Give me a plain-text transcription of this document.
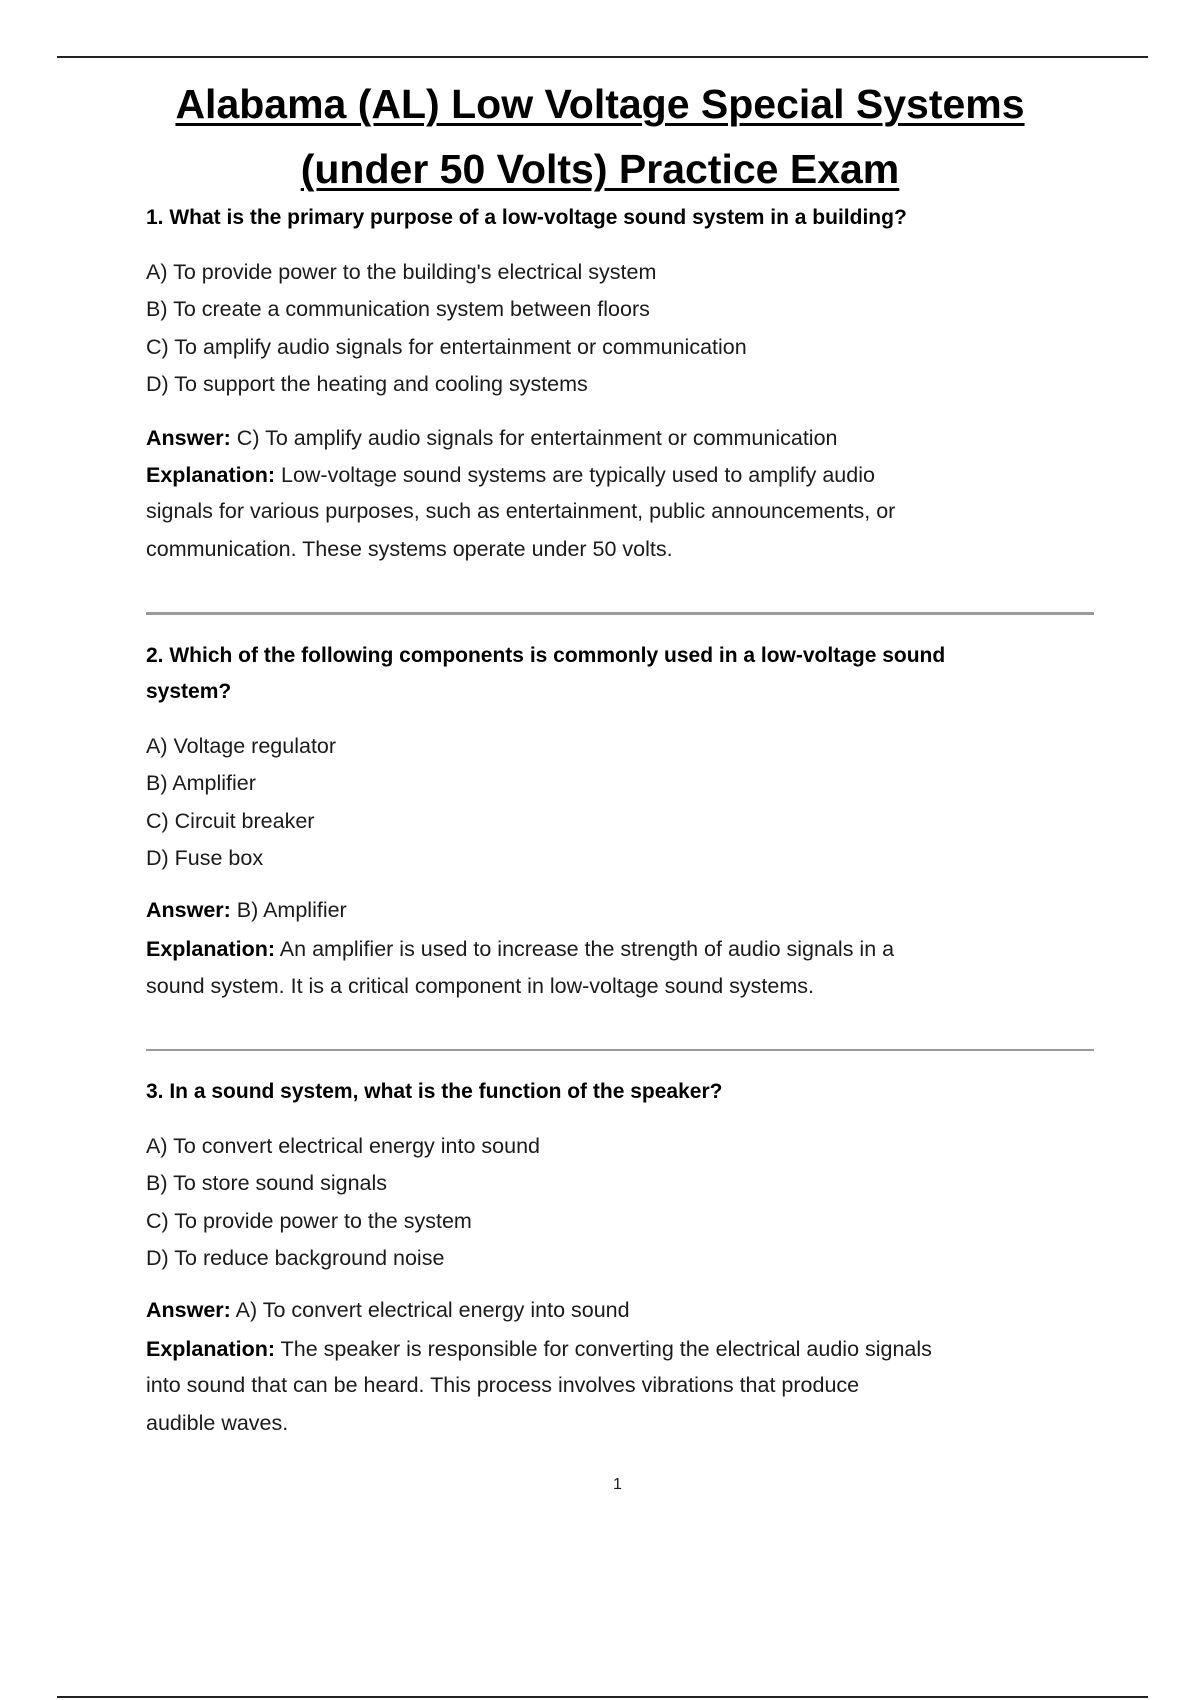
Alabama (AL) Low Voltage Special Systems
(under 50 Volts) Practice Exam
1. What is the primary purpose of a low-voltage sound system in a building?
A) To provide power to the building's electrical system
B) To create a communication system between floors
C) To amplify audio signals for entertainment or communication
D) To support the heating and cooling systems
Answer: C) To amplify audio signals for entertainment or communication
Explanation: Low-voltage sound systems are typically used to amplify audio
signals for various purposes, such as entertainment, public announcements, or
communication. These systems operate under 50 volts.
2. Which of the following components is commonly used in a low-voltage sound
system?
A) Voltage regulator
B) Amplifier
C) Circuit breaker
D) Fuse box
Answer: B) Amplifier
Explanation: An amplifier is used to increase the strength of audio signals in a
sound system. It is a critical component in low-voltage sound systems.
3. In a sound system, what is the function of the speaker?
A) To convert electrical energy into sound
B) To store sound signals
C) To provide power to the system
D) To reduce background noise
Answer: A) To convert electrical energy into sound
Explanation: The speaker is responsible for converting the electrical audio signals
into sound that can be heard. This process involves vibrations that produce
audible waves.
1
